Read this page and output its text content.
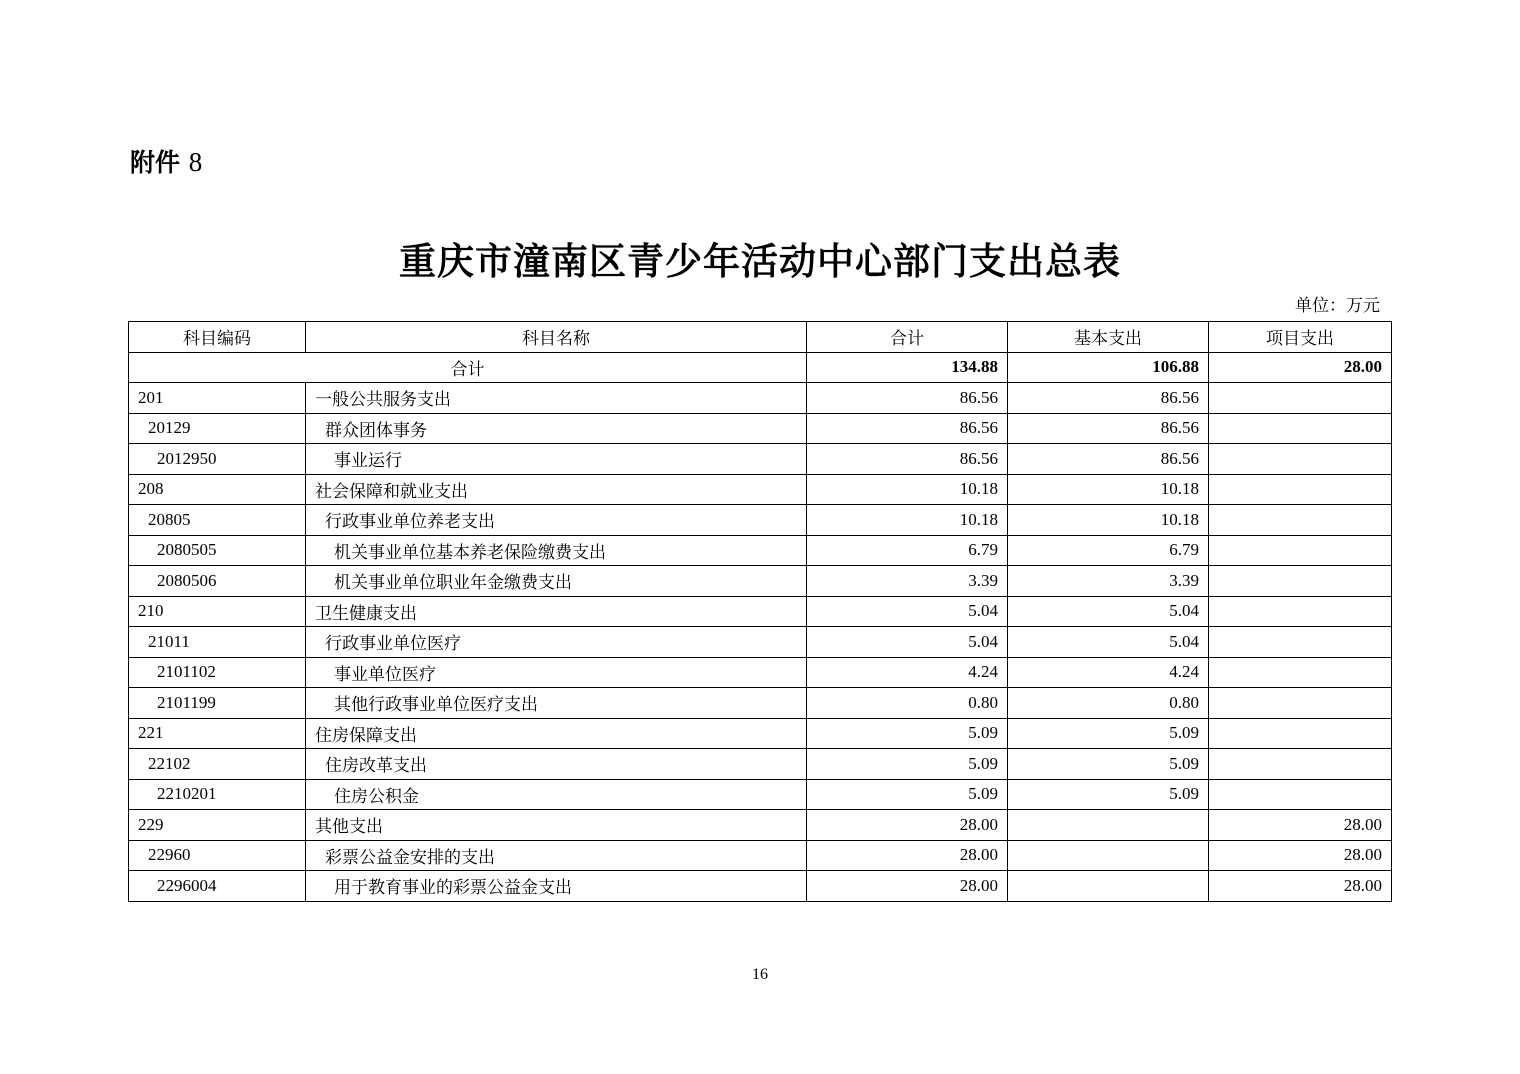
附件 8
重庆市潼南区青少年活动中心部门支出总表
单位：万元
科目编码	科目名称	合计	基本支出	项目支出
合计		134.88	106.88	28.00
201	一般公共服务支出	86.56	86.56	
20129	群众团体事务	86.56	86.56	
2012950	事业运行	86.56	86.56	
208	社会保障和就业支出	10.18	10.18	
20805	行政事业单位养老支出	10.18	10.18	
2080505	机关事业单位基本养老保险缴费支出	6.79	6.79	
2080506	机关事业单位职业年金缴费支出	3.39	3.39	
210	卫生健康支出	5.04	5.04	
21011	行政事业单位医疗	5.04	5.04	
2101102	事业单位医疗	4.24	4.24	
2101199	其他行政事业单位医疗支出	0.80	0.80	
221	住房保障支出	5.09	5.09	
22102	住房改革支出	5.09	5.09	
2210201	住房公积金	5.09	5.09	
229	其他支出	28.00		28.00
22960	彩票公益金安排的支出	28.00		28.00
2296004	用于教育事业的彩票公益金支出	28.00		28.00
16
